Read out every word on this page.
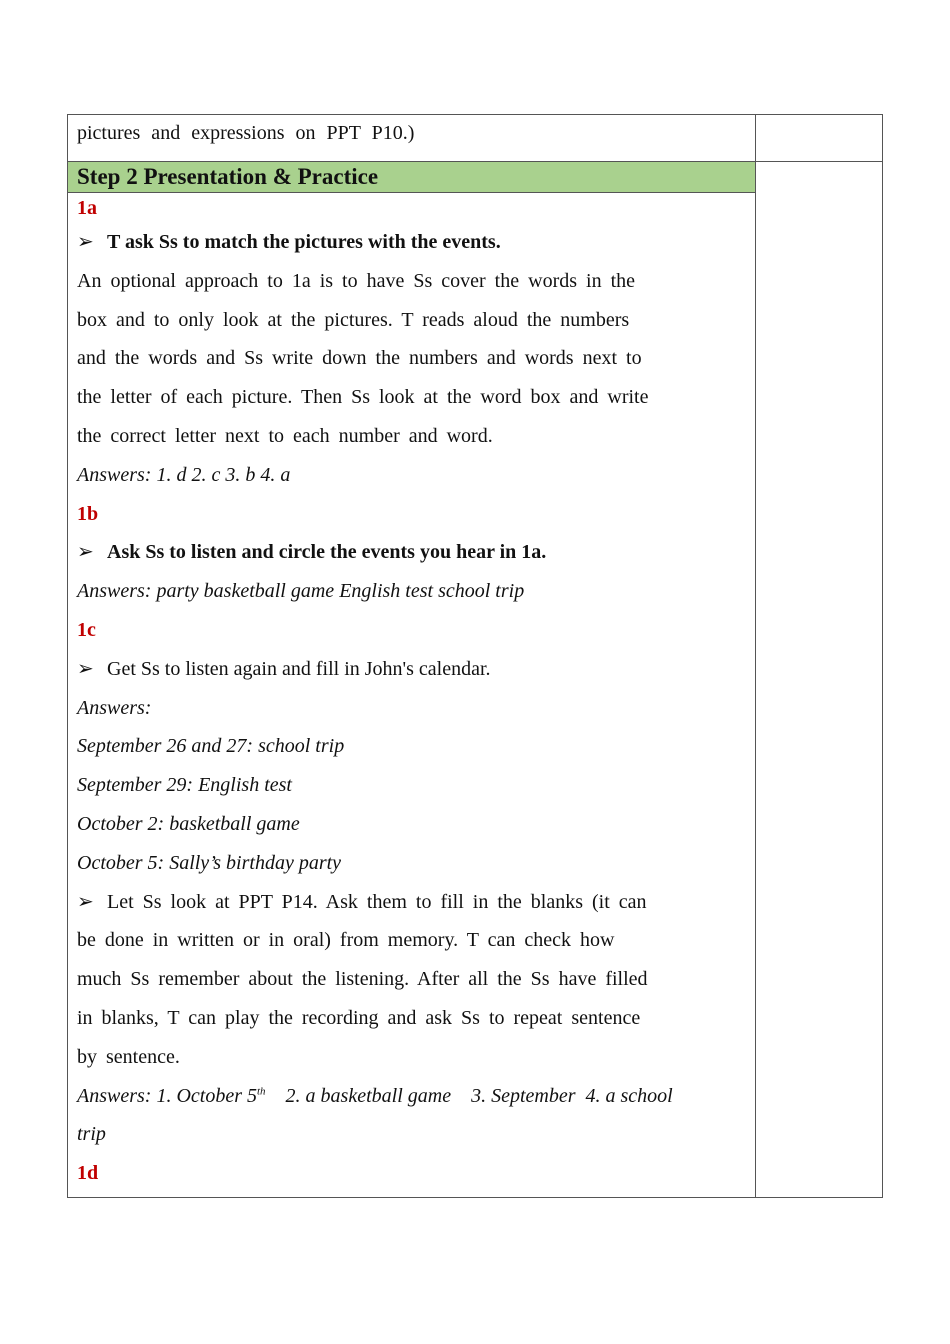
pictures and expressions on PPT P10.)
Step 2 Presentation & Practice
1a
➢ T ask Ss to match the pictures with the events.
An optional approach to 1a is to have Ss cover the words in the
box and to only look at the pictures. T reads aloud the numbers
and the words and Ss write down the numbers and words next to
the letter of each picture. Then Ss look at the word box and write
the correct letter next to each number and word.
Answers: 1. d 2. c 3. b 4. a
1b
➢ Ask Ss to listen and circle the events you hear in 1a.
Answers: party basketball game English test school trip
1c
➢ Get Ss to listen again and fill in John's calendar.
Answers:
September 26 and 27: school trip
September 29: English test
October 2: basketball game
October 5: Sally’s birthday party
➢ Let Ss look at PPT P14. Ask them to fill in the blanks (it can
be done in written or in oral) from memory. T can check how
much Ss remember about the listening. After all the Ss have filled
in blanks, T can play the recording and ask Ss to repeat sentence
by sentence.
Answers: 1. October 5th    2. a basketball game    3. September  4. a school
trip
1d
